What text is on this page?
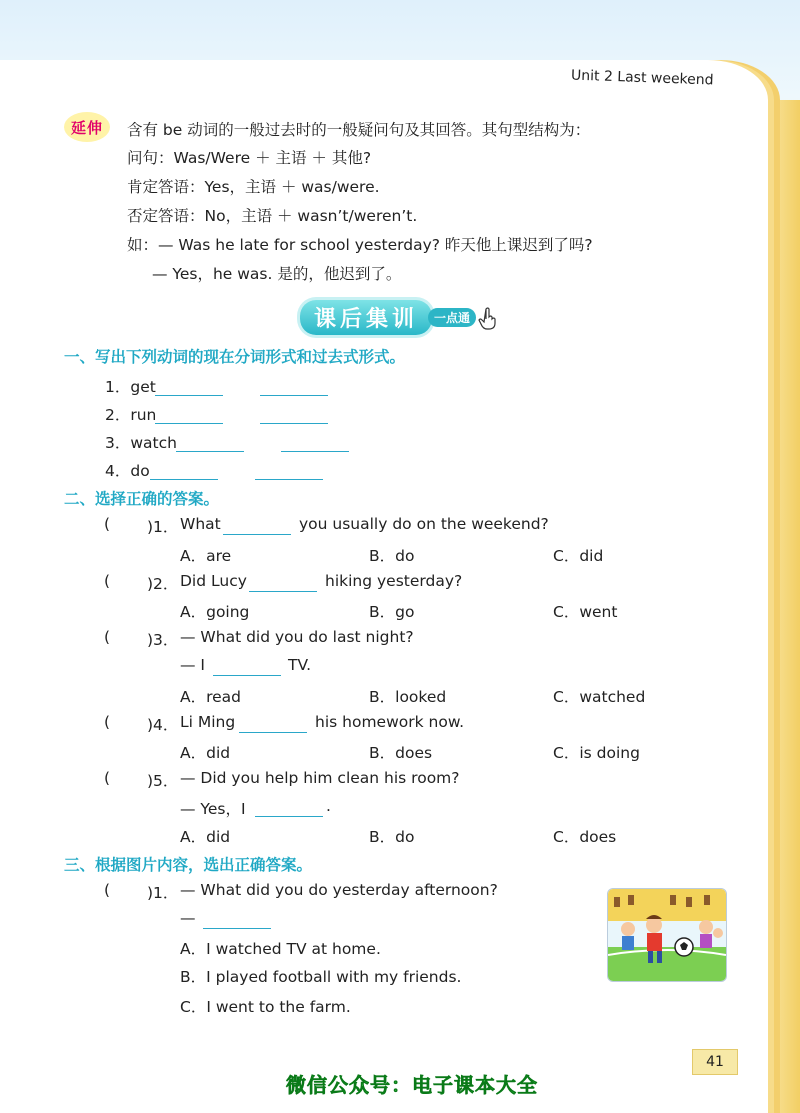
Unit 2 Last weekend
延伸	含有 be 动词的一般过去时的一般疑问句及其回答。其句型结构为：
问句：Was/Were ＋ 主语 ＋ 其他?
肯定答语：Yes，主语 ＋ was/were.
否定答语：No，主语 ＋ wasn’t/weren’t.
如：— Was he late for school yesterday? 昨天他上课迟到了吗?
— Yes，he was. 是的，他迟到了。
课后集训	一点通
一、写出下列动词的现在分词形式和过去式形式。
1．get
2．run
3．watch
4．do
二、选择正确的答案。
( )1． What	you usually do on the weekend?
A．are	B．do	C．did
( )2． Did Lucy	hiking yesterday?
A．going	B．go	C．went
( )3． — What did you do last night?
— I	TV.
A．read	B．looked	C．watched
( )4． Li Ming	his homework now.
A．did	B．does	C．is doing
( )5． — Did you help him clean his room?
— Yes，I	.
A．did	B．do	C．does
三、根据图片内容，选出正确答案。
( )1． — What did you do yesterday afternoon?
—
A．I watched TV at home.
B．I played football with my friends.
C．I went to the farm.
41
微信公众号：电子课本大全
